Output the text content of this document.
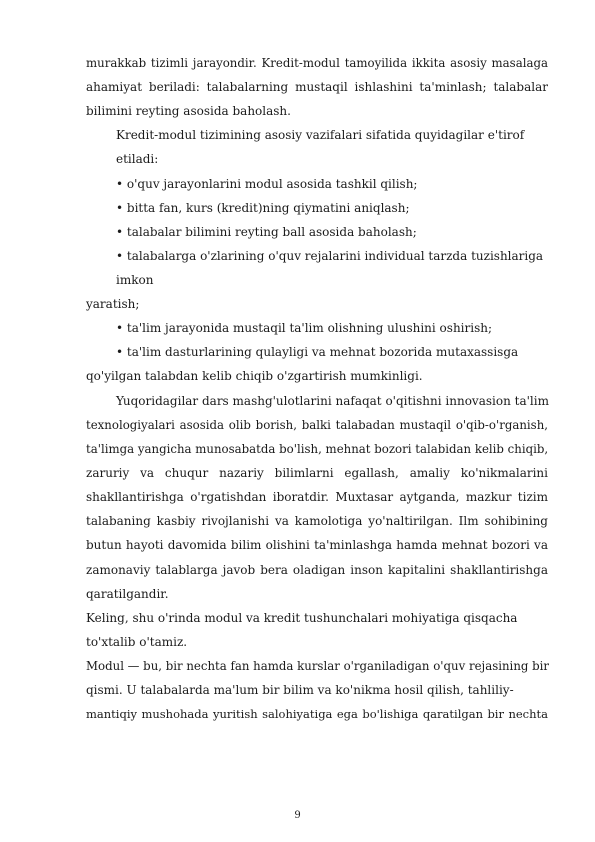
murakkab tizimli jarayondir. Kredit-modul tamoyilida ikkita asosiy masalaga
ahamiyat beriladi: talabalarning mustaqil ishlashini ta'minlash; talabalar
bilimini reyting asosida baholash.
Kredit-modul tizimining asosiy vazifalari sifatida quyidagilar e'tirof
etiladi:
• o'quv jarayonlarini modul asosida tashkil qilish;
• bitta fan, kurs (kredit)ning qiymatini aniqlash;
• talabalar bilimini reyting ball asosida baholash;
• talabalarga o'zlarining o'quv rejalarini individual tarzda tuzishlariga
imkon
yaratish;
• ta'lim jarayonida mustaqil ta'lim olishning ulushini oshirish;
• ta'lim dasturlarining qulayligi va mehnat bozorida mutaxassisga
qo'yilgan talabdan kelib chiqib o'zgartirish mumkinligi.
Yuqoridagilar dars mashg'ulotlarini nafaqat o'qitishni innovasion ta'lim
texnologiyalari asosida olib borish, balki talabadan mustaqil o'qib-o'rganish,
ta'limga yangicha munosabatda bo'lish, mehnat bozori talabidan kelib chiqib,
zaruriy va chuqur nazariy bilimlarni egallash, amaliy ko'nikmalarini
shakllantirishga o'rgatishdan iboratdir. Muxtasar aytganda, mazkur tizim
talabaning kasbiy rivojlanishi va kamolotiga yo'naltirilgan. Ilm sohibining
butun hayoti davomida bilim olishini ta'minlashga hamda mehnat bozori va
zamonaviy talablarga javob bera oladigan inson kapitalini shakllantirishga
qaratilgandir.
Keling, shu o'rinda modul va kredit tushunchalari mohiyatiga qisqacha
to'xtalib o'tamiz.
Modul — bu, bir nechta fan hamda kurslar o'rganiladigan o'quv rejasining bir
qismi. U talabalarda ma'lum bir bilim va ko'nikma hosil qilish, tahliliy-
mantiqiy mushohada yuritish salohiyatiga ega bo'lishiga qaratilgan bir nechta
9
